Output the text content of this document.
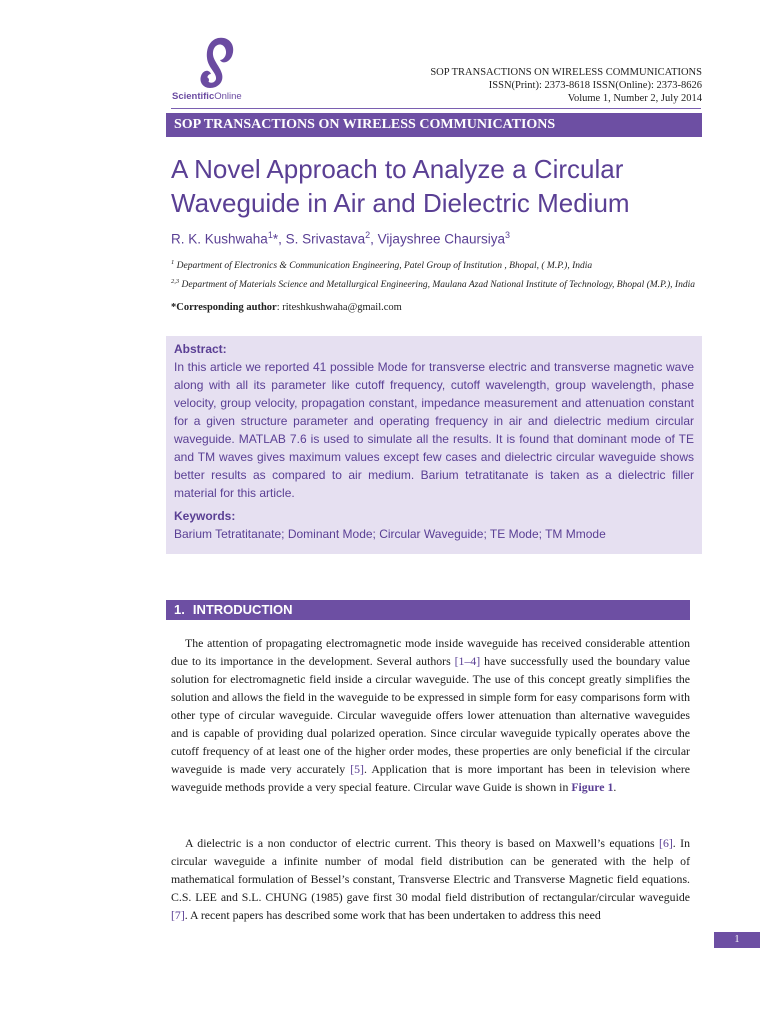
ScientificOnline
SOP TRANSACTIONS ON WIRELESS COMMUNICATIONS
ISSN(Print): 2373-8618 ISSN(Online): 2373-8626
Volume 1, Number 2, July 2014
SOP TRANSACTIONS ON WIRELESS COMMUNICATIONS
A Novel Approach to Analyze a Circular Waveguide in Air and Dielectric Medium
R. K. Kushwaha$^1$*, S. Srivastava$^2$, Vijayshree Chaursiya$^3$
$^1$ Department of Electronics & Communication Engineering, Patel Group of Institution , Bhopal, ( M.P.), India
$^{2,3}$ Department of Materials Science and Metallurgical Engineering, Maulana Azad National Institute of Technology, Bhopal (M.P.), India
*Corresponding author: riteshkushwaha@gmail.com
Abstract:
In this article we reported 41 possible Mode for transverse electric and transverse magnetic wave along with all its parameter like cutoff frequency, cutoff wavelength, group wavelength, phase velocity, group velocity, propagation constant, impedance measurement and attenuation constant for a given structure parameter and operating frequency in air and dielectric medium circular waveguide. MATLAB 7.6 is used to simulate all the results. It is found that dominant mode of TE and TM waves gives maximum values except few cases and dielectric circular waveguide shows better results as compared to air medium. Barium tetratitanate is taken as a dielectric filler material for this article.
Keywords:
Barium Tetratitanate; Dominant Mode; Circular Waveguide; TE Mode; TM Mmode
1. INTRODUCTION

The attention of propagating electromagnetic mode inside waveguide has received considerable attention due to its importance in the development. Several authors [1–4] have successfully used the boundary value solution for electromagnetic field inside a circular waveguide. The use of this concept greatly simplifies the solution and allows the field in the waveguide to be expressed in simple form for easy comparisons form with other type of circular waveguide. Circular waveguide offers lower attenuation than alternative waveguides and is capable of providing dual polarized operation. Since circular waveguide typically operates above the cutoff frequency of at least one of the higher order modes, these properties are only beneficial if the circular waveguide is made very accurately [5]. Application that is more important has been in television where waveguide methods provide a very special feature. Circular wave Guide is shown in Figure 1.

A dielectric is a non conductor of electric current. This theory is based on Maxwell’s equations [6]. In circular waveguide a infinite number of modal field distribution can be generated with the help of mathematical formulation of Bessel’s constant, Transverse Electric and Transverse Magnetic field equations. C.S. LEE and S.L. CHUNG (1985) gave first 30 modal field distribution of rectangular/circular waveguide [7]. A recent papers has described some work that has been undertaken to address this need

1
